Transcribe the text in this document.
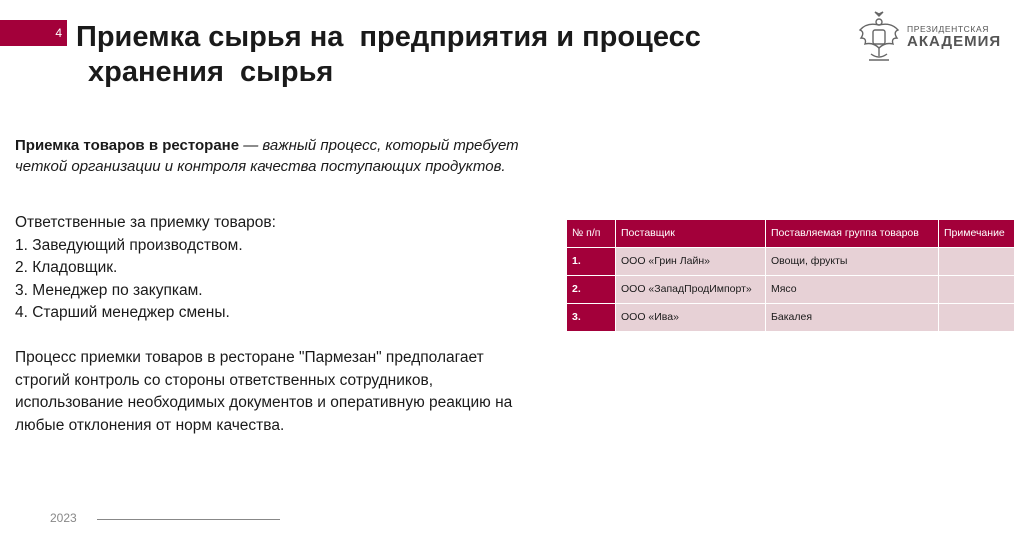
4 Приемка сырья на  предприятия и процесс
хранения  сырья
ПРЕЗИДЕНТСКАЯ
АКАДЕМИЯ

Приемка товаров в ресторане — важный процесс, который требует четкой организации и контроля качества поступающих продуктов.

Ответственные за приемку товаров:
1. Заведующий производством.
2. Кладовщик.
3. Менеджер по закупкам.
4. Старший менеджер смены.

Процесс приемки товаров в ресторане "Пармезан" предполагает строгий контроль со стороны ответственных сотрудников, использование необходимых документов и оперативную реакцию на любые отклонения от норм качества.

№ п/п	Поставщик	Поставляемая группа товаров	Примечание
1.	ООО «Грин Лайн»	Овощи, фрукты	
2.	ООО «ЗападПродИмпорт»	Мясо	
3.	ООО «Ива»	Бакалея	
2023
